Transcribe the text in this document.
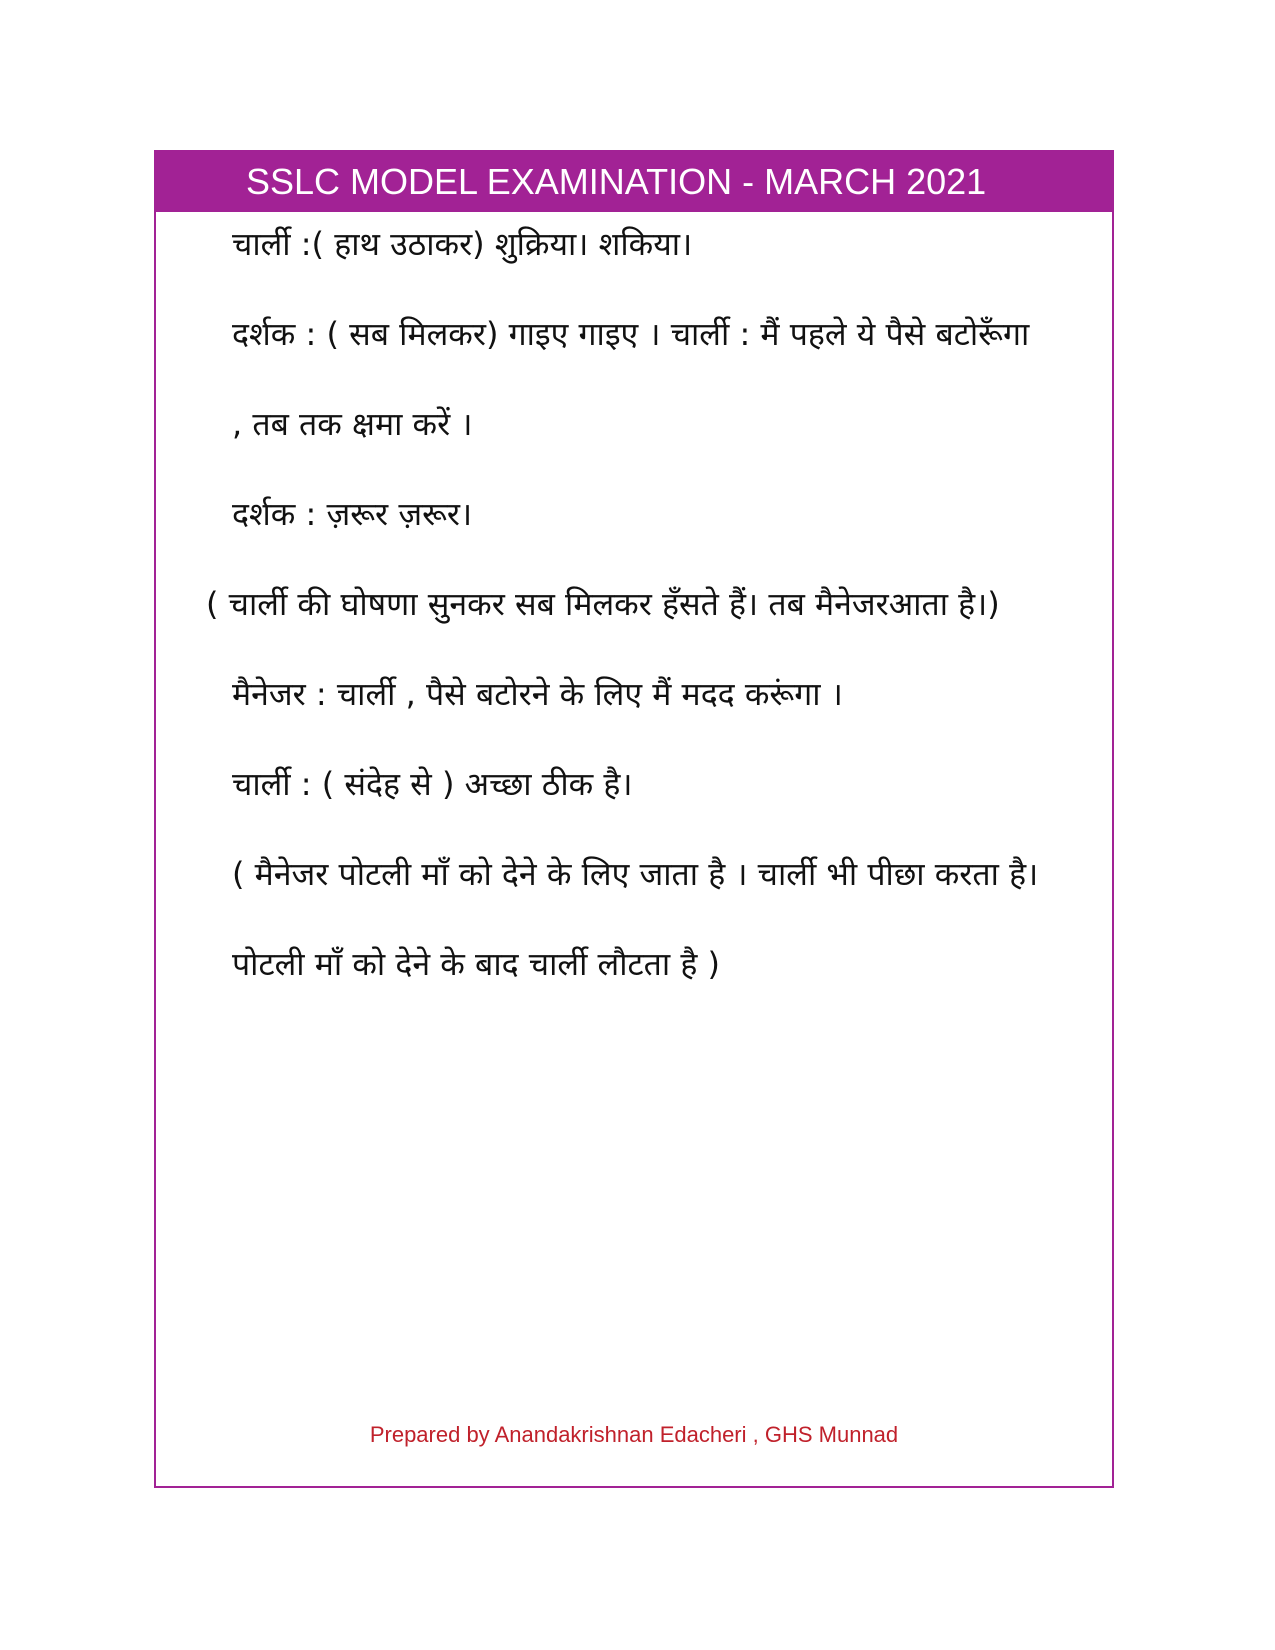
SSLC MODEL EXAMINATION - MARCH 2021
चार्ली :( हाथ उठाकर) शुक्रिया। शकिया।
दर्शक : ( सब मिलकर) गाइए गाइए । चार्ली : मैं पहले ये पैसे बटोरूँगा
, तब तक क्षमा करें ।
दर्शक : ज़रूर ज़रूर।
( चार्ली की घोषणा सुनकर सब मिलकर हँसते हैं। तब मैनेजरआता है।)
मैनेजर : चार्ली , पैसे बटोरने के लिए मैं मदद करूंगा ।
चार्ली : ( संदेह से ) अच्छा ठीक है।
( मैनेजर पोटली माँ को देने के लिए जाता है । चार्ली भी पीछा करता है।
पोटली माँ को देने के बाद चार्ली लौटता है )
Prepared by Anandakrishnan Edacheri , GHS Munnad
